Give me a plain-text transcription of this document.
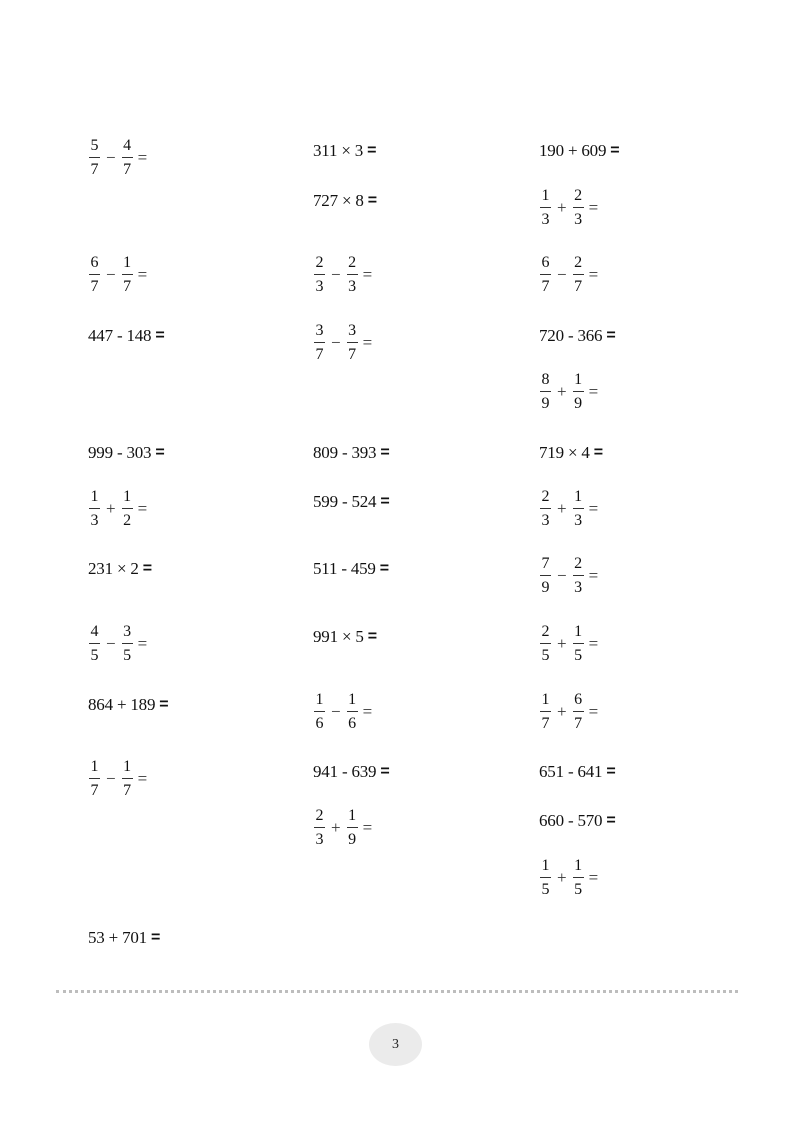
$\frac{5}{7} - \frac{4}{7}$ =
$\frac{6}{7} - \frac{1}{7}$ =
447 - 148 =
999 - 303 =
$\frac{1}{3} + \frac{1}{2}$ =
231 × 2 =
$\frac{4}{5} - \frac{3}{5}$ =
864 + 189 =
$\frac{1}{7} - \frac{1}{7}$ =
53 + 701 =
311 × 3 =
727 × 8 =
$\frac{2}{3} - \frac{2}{3}$ =
$\frac{3}{7} - \frac{3}{7}$ =
809 - 393 =
599 - 524 =
511 - 459 =
991 × 5 =
$\frac{1}{6} - \frac{1}{6}$ =
941 - 639 =
$\frac{2}{3} + \frac{1}{9}$ =
190 + 609 =
$\frac{1}{3} + \frac{2}{3}$ =
$\frac{6}{7} - \frac{2}{7}$ =
720 - 366 =
$\frac{8}{9} + \frac{1}{9}$ =
719 × 4 =
$\frac{2}{3} + \frac{1}{3}$ =
$\frac{7}{9} - \frac{2}{3}$ =
$\frac{2}{5} + \frac{1}{5}$ =
$\frac{1}{7} + \frac{6}{7}$ =
651 - 641 =
660 - 570 =
$\frac{1}{5} + \frac{1}{5}$ =
3
